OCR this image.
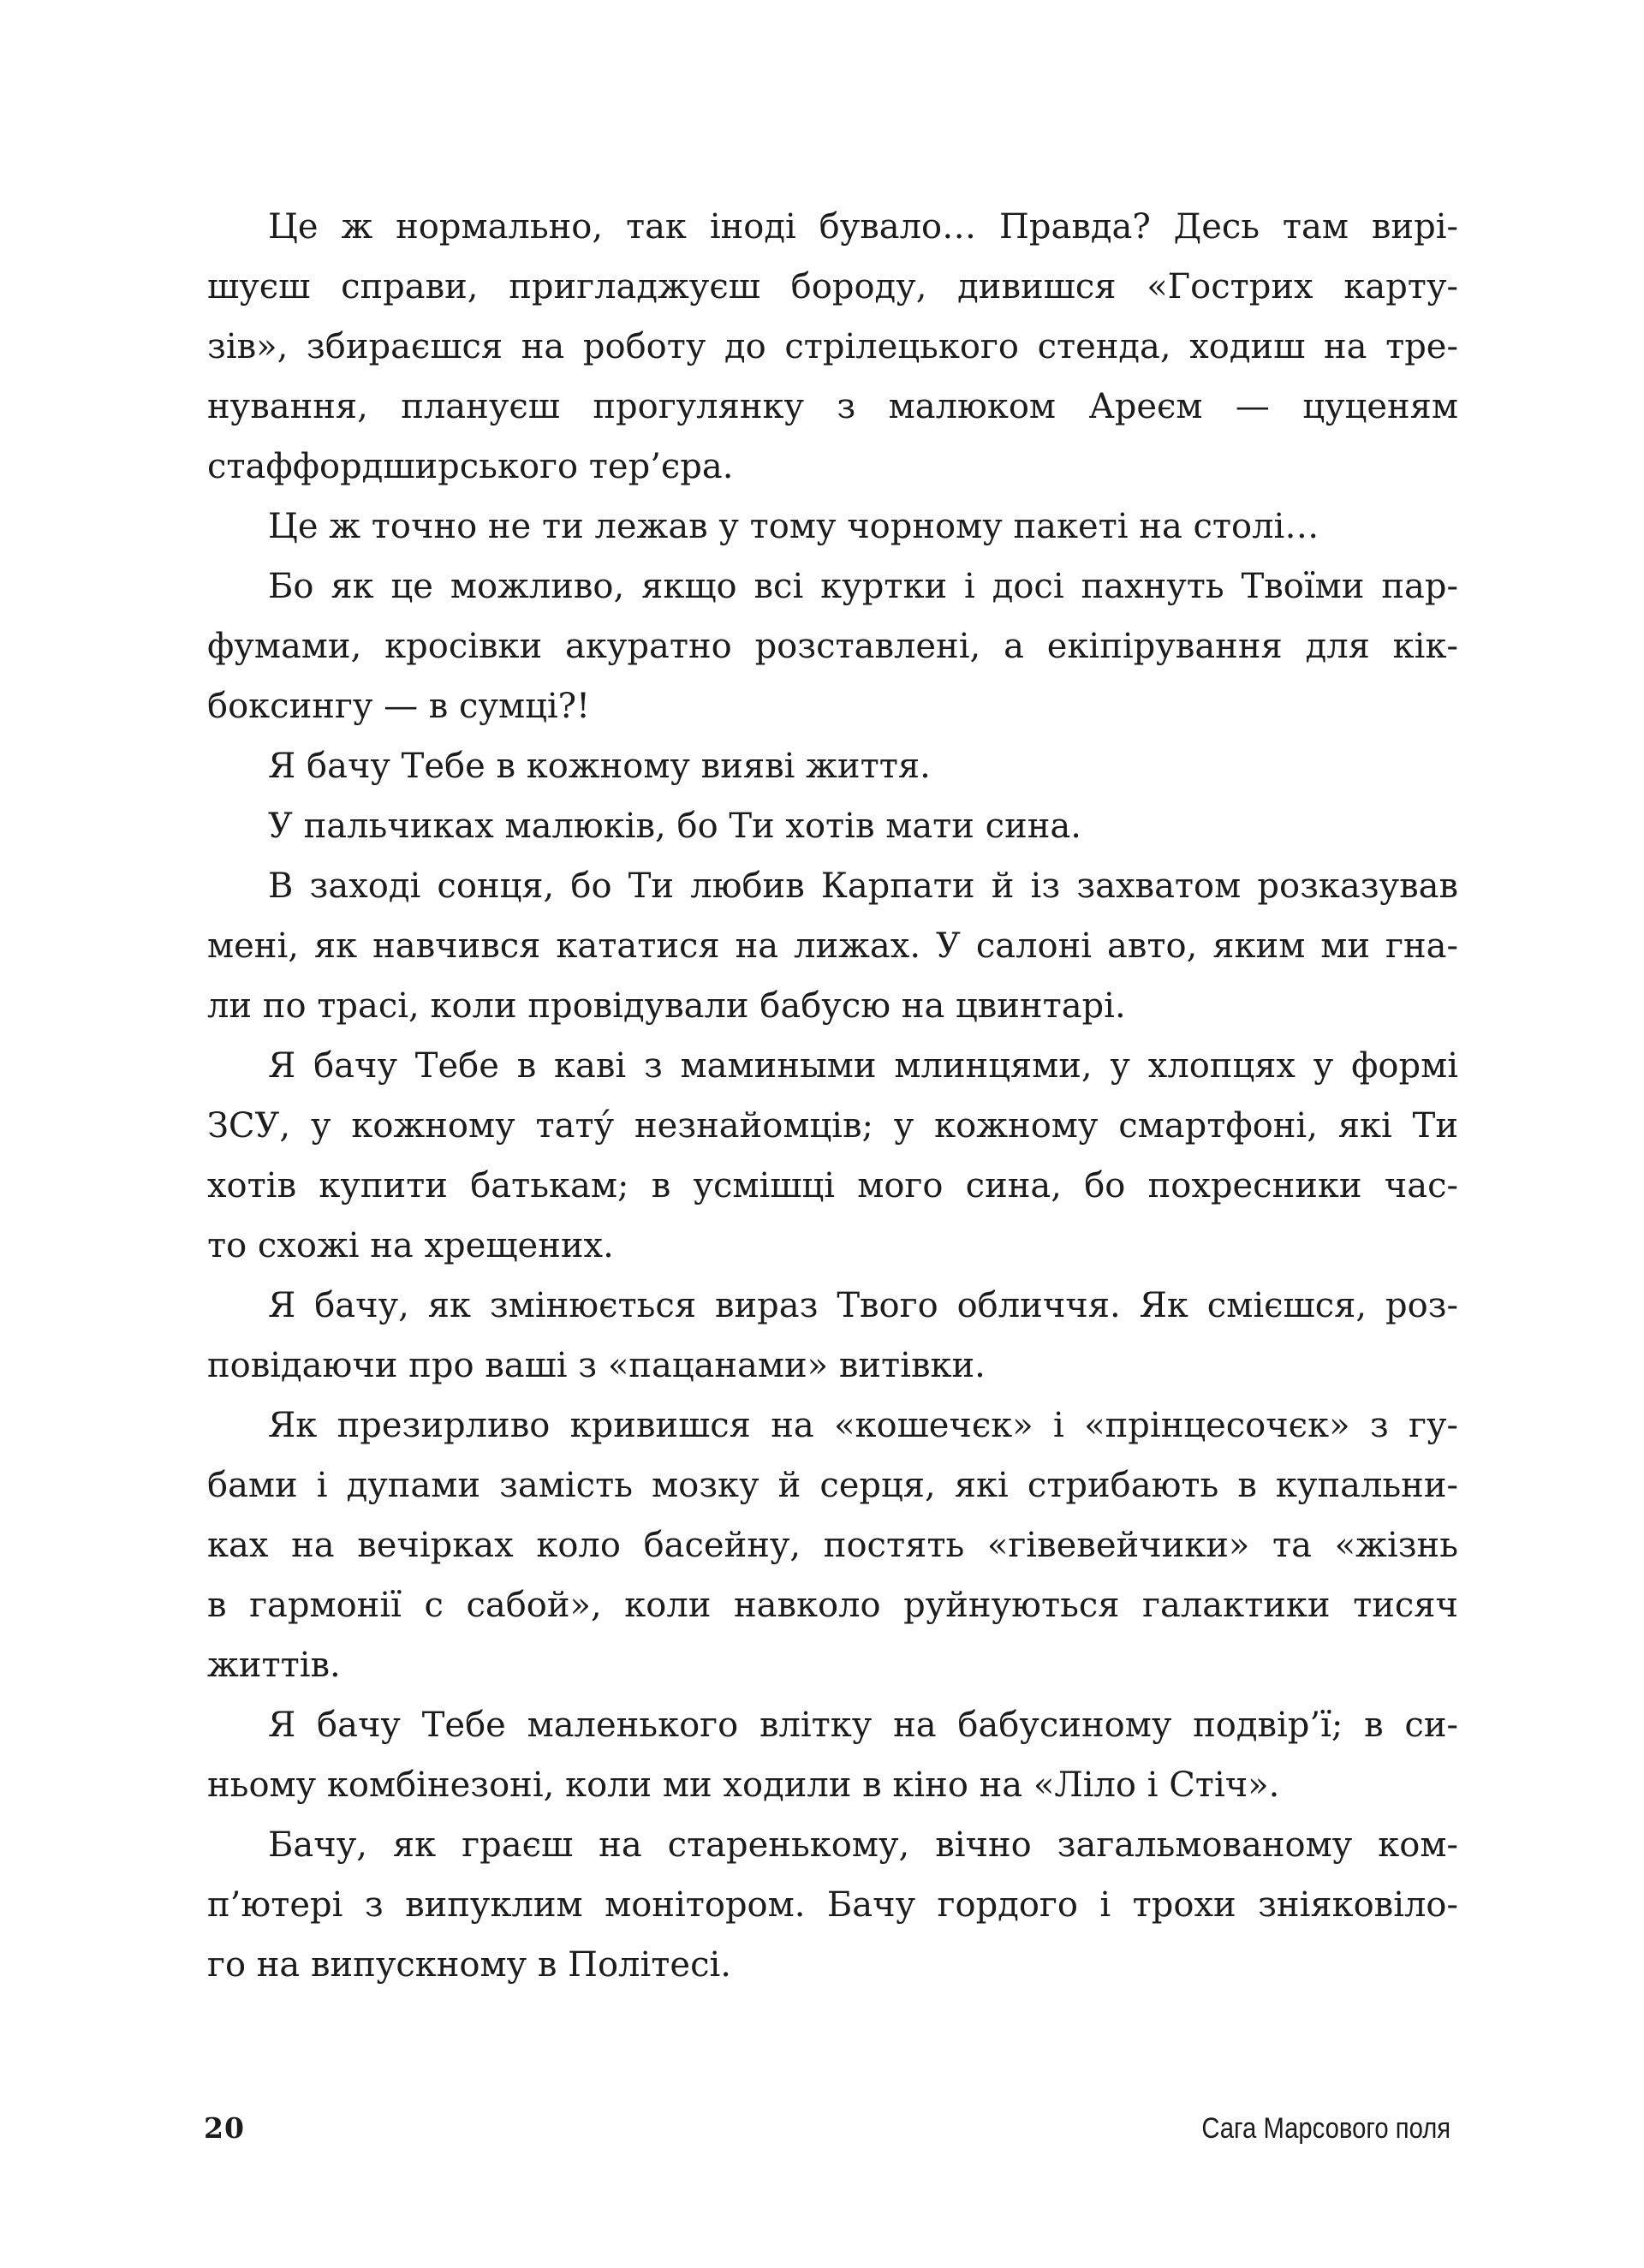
Це ж нормально, так іноді бувало… Правда? Десь там вирі-
шуєш справи, пригладжуєш бороду, дивишся «Гострих карту-
зів», збираєшся на роботу до стрілецького стенда, ходиш на тре-
нування, плануєш прогулянку з малюком Ареєм — цуценям
стаффордширського тер’єра.
Це ж точно не ти лежав у тому чорному пакеті на столі…
Бо як це можливо, якщо всі куртки і досі пахнуть Твоїми пар-
фумами, кросівки акуратно розставлені, а екіпірування для кік-
боксингу — в сумці?!
Я бачу Тебе в кожному вияві життя.
У пальчиках малюків, бо Ти хотів мати сина.
В заході сонця, бо Ти любив Карпати й із захватом розказував
мені, як навчився кататися на лижах. У салоні авто, яким ми гна-
ли по трасі, коли провідували бабусю на цвинтарі.
Я бачу Тебе в каві з мамиными млинцями, у хлопцях у формі
ЗСУ, у кожному тату́ незнайомців; у кожному смартфоні, які Ти
хотів купити батькам; в усмішці мого сина, бо похресники час-
то схожі на хрещених.
Я бачу, як змінюється вираз Твого обличчя. Як смієшся, роз-
повідаючи про ваші з «пацанами» витівки.
Як презирливо кривишся на «кошечєк» і «прінцесочєк» з гу-
бами і дупами замість мозку й серця, які стрибають в купальни-
ках на вечірках коло басейну, постять «гівевейчики» та «жізнь
в гармонії с сабой», коли навколо руйнуються галактики тисяч
життів.
Я бачу Тебе маленького влітку на бабусиному подвір’ї; в си-
ньому комбінезоні, коли ми ходили в кіно на «Ліло і Стіч».
Бачу, як граєш на старенькому, вічно загальмованому ком-
п’ютері з випуклим монітором. Бачу гордого і трохи зніяковіло-
го на випускному в Політесі.
20	Сага Марсового поля
